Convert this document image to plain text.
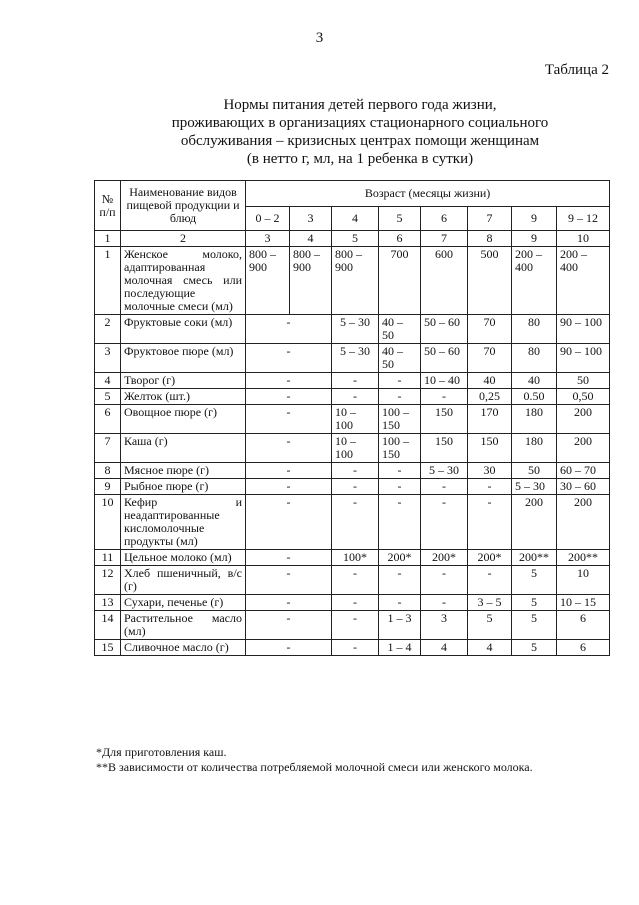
3
Таблица 2
Нормы питания детей первого года жизни,
проживающих в организациях стационарного социального
обслуживания – кризисных центрах помощи женщинам
(в нетто г, мл, на 1 ребенка в сутки)
№ п/п	Наименование видов пищевой продукции и блюд	Возраст (месяцы жизни)							
		0 – 2	3	4	5	6	7	9	9 – 12
1	2	3	4	5	6	7	8	9	10
1	Женское молоко, адаптированная молочная смесь или последующие молочные смеси (мл)	800 – 900	800 – 900	800 – 900	700	600	500	200 – 400	200 – 400
2	Фруктовые соки (мл)	-		5 – 30	40 – 50	50 – 60	70	80	90 – 100
3	Фруктовое пюре (мл)	-		5 – 30	40 – 50	50 – 60	70	80	90 – 100
4	Творог (г)	-		-	-	10 – 40	40	40	50
5	Желток (шт.)	-		-	-	-	0,25	0.50	0,50
6	Овощное пюре (г)	-		10 – 100	100 – 150	150	170	180	200
7	Каша (г)	-		10 – 100	100 – 150	150	150	180	200
8	Мясное пюре (г)	-		-	-	5 – 30	30	50	60 – 70
9	Рыбное пюре (г)	-		-	-	-	-	5 – 30	30 – 60
10	Кефир и неадаптированные кисломолочные продукты (мл)	-		-	-	-	-	200	200
11	Цельное молоко (мл)	-		100*	200*	200*	200*	200**	200**
12	Хлеб пшеничный, в/с (г)	-		-	-	-	-	5	10
13	Сухари, печенье (г)	-		-	-	-	3 – 5	5	10 – 15
14	Растительное масло (мл)	-		-	1 – 3	3	5	5	6
15	Сливочное масло (г)	-		-	1 – 4	4	4	5	6
*Для приготовления каш.
**В зависимости от количества потребляемой молочной смеси или женского молока.
